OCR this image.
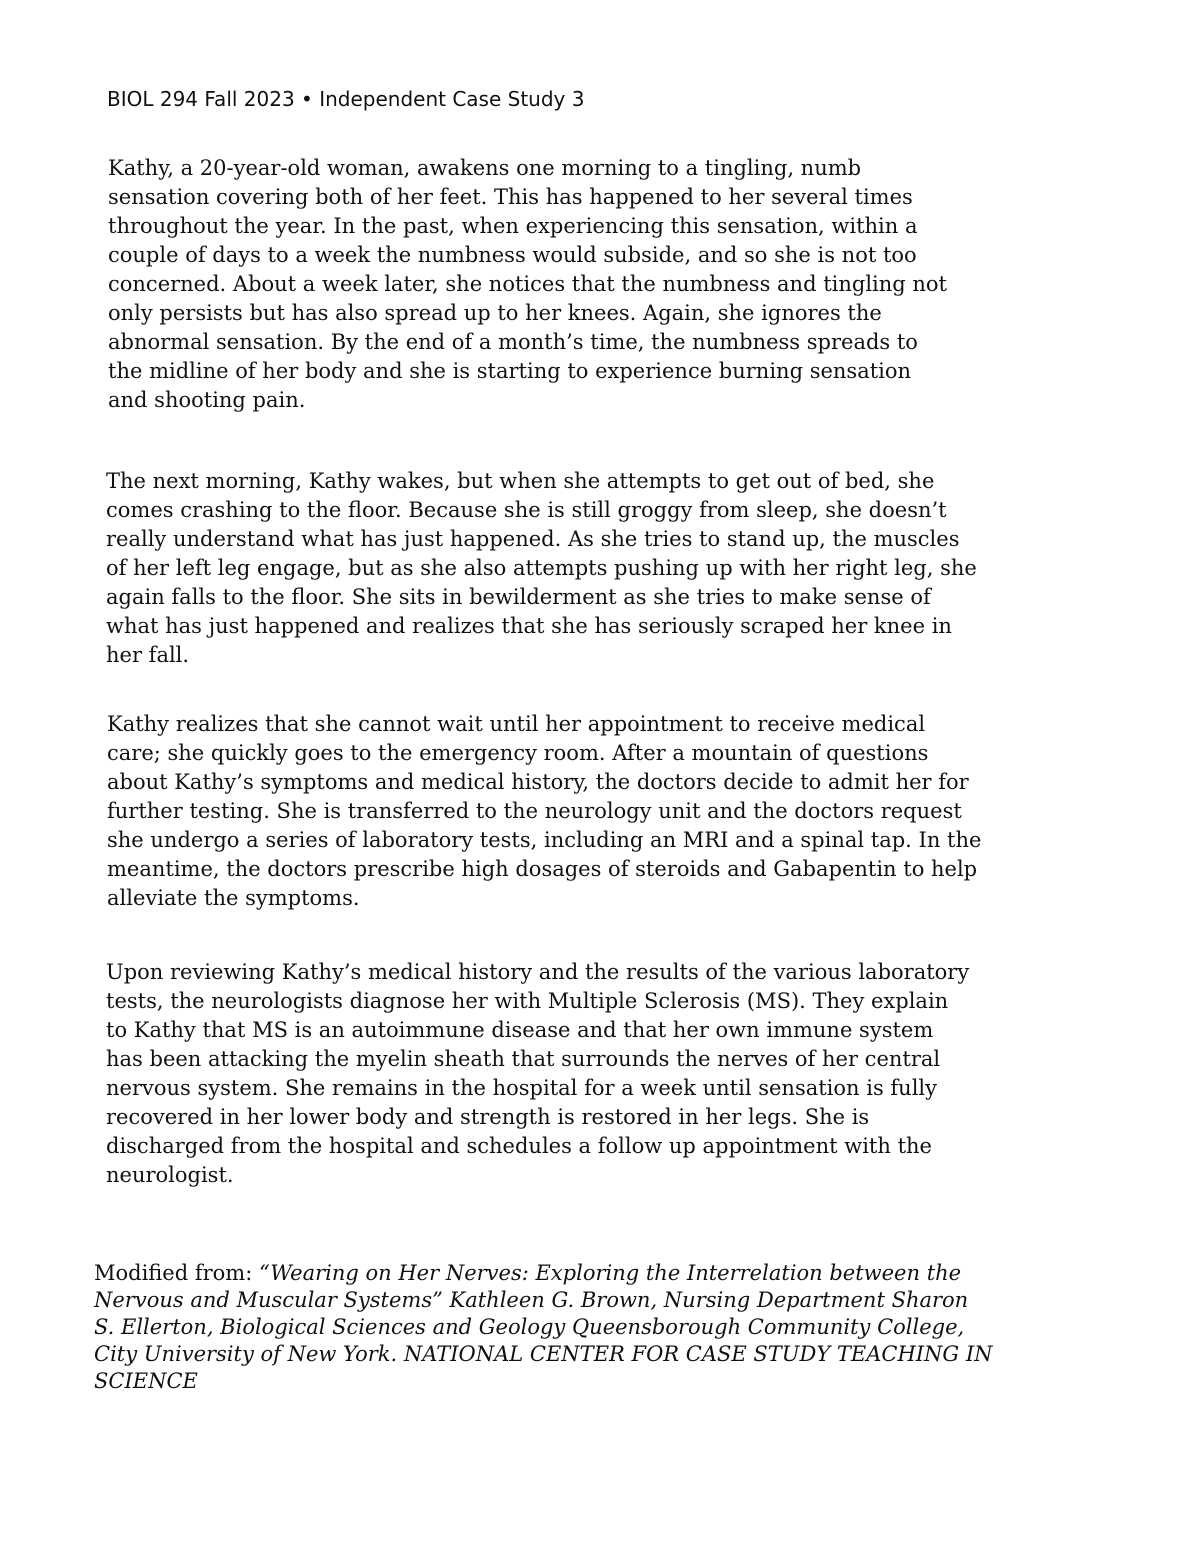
BIOL 294 Fall 2023 • Independent Case Study 3

Kathy, a 20-year-old woman, awakens one morning to a tingling, numb
sensation covering both of her feet. This has happened to her several times
throughout the year. In the past, when experiencing this sensation, within a
couple of days to a week the numbness would subside, and so she is not too
concerned. About a week later, she notices that the numbness and tingling not
only persists but has also spread up to her knees. Again, she ignores the
abnormal sensation. By the end of a month’s time, the numbness spreads to
the midline of her body and she is starting to experience burning sensation
and shooting pain.

The next morning, Kathy wakes, but when she attempts to get out of bed, she
comes crashing to the floor. Because she is still groggy from sleep, she doesn’t
really understand what has just happened. As she tries to stand up, the muscles
of her left leg engage, but as she also attempts pushing up with her right leg, she
again falls to the floor. She sits in bewilderment as she tries to make sense of
what has just happened and realizes that she has seriously scraped her knee in
her fall.

Kathy realizes that she cannot wait until her appointment to receive medical
care; she quickly goes to the emergency room. After a mountain of questions
about Kathy’s symptoms and medical history, the doctors decide to admit her for
further testing. She is transferred to the neurology unit and the doctors request
she undergo a series of laboratory tests, including an MRI and a spinal tap. In the
meantime, the doctors prescribe high dosages of steroids and Gabapentin to help
alleviate the symptoms.

Upon reviewing Kathy’s medical history and the results of the various laboratory
tests, the neurologists diagnose her with Multiple Sclerosis (MS). They explain
to Kathy that MS is an autoimmune disease and that her own immune system
has been attacking the myelin sheath that surrounds the nerves of her central
nervous system. She remains in the hospital for a week until sensation is fully
recovered in her lower body and strength is restored in her legs. She is
discharged from the hospital and schedules a follow up appointment with the
neurologist.

Modified from: “Wearing on Her Nerves: Exploring the Interrelation between the
Nervous and Muscular Systems” Kathleen G. Brown, Nursing Department Sharon
S. Ellerton, Biological Sciences and Geology Queensborough Community College,
City University of New York. NATIONAL CENTER FOR CASE STUDY TEACHING IN
SCIENCE
